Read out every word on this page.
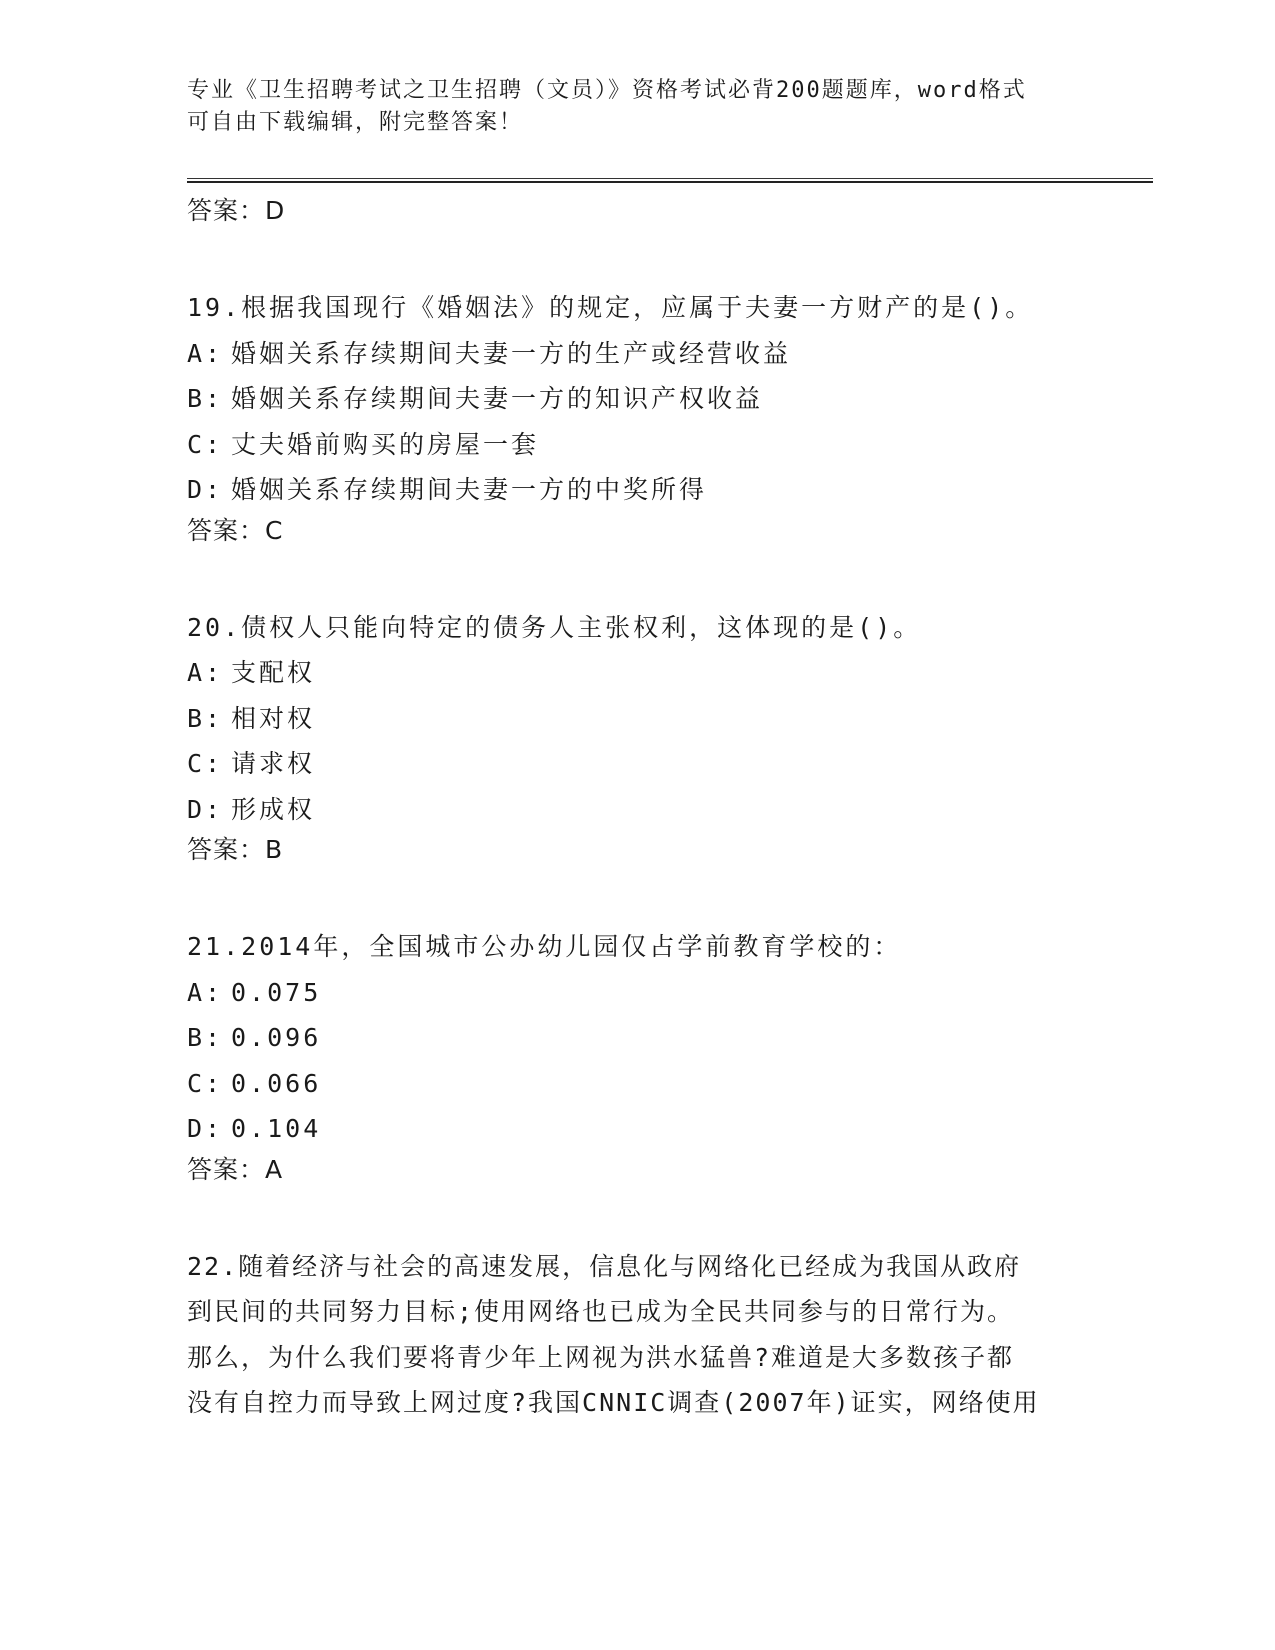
专业《卫生招聘考试之卫生招聘（文员）》资格考试必背200题题库，word格式
可自由下载编辑，附完整答案！
答案：D
19.根据我国现行《婚姻法》的规定，应属于夫妻一方财产的是()。
A: 婚姻关系存续期间夫妻一方的生产或经营收益
B: 婚姻关系存续期间夫妻一方的知识产权收益
C: 丈夫婚前购买的房屋一套
D: 婚姻关系存续期间夫妻一方的中奖所得
答案：C
20.债权人只能向特定的债务人主张权利，这体现的是()。
A: 支配权
B: 相对权
C: 请求权
D: 形成权
答案：B
21.2014年，全国城市公办幼儿园仅占学前教育学校的：
A: 0.075
B: 0.096
C: 0.066
D: 0.104
答案：A
22.随着经济与社会的高速发展，信息化与网络化已经成为我国从政府
到民间的共同努力目标;使用网络也已成为全民共同参与的日常行为。
那么，为什么我们要将青少年上网视为洪水猛兽?难道是大多数孩子都
没有自控力而导致上网过度?我国CNNIC调查(2007年)证实，网络使用
